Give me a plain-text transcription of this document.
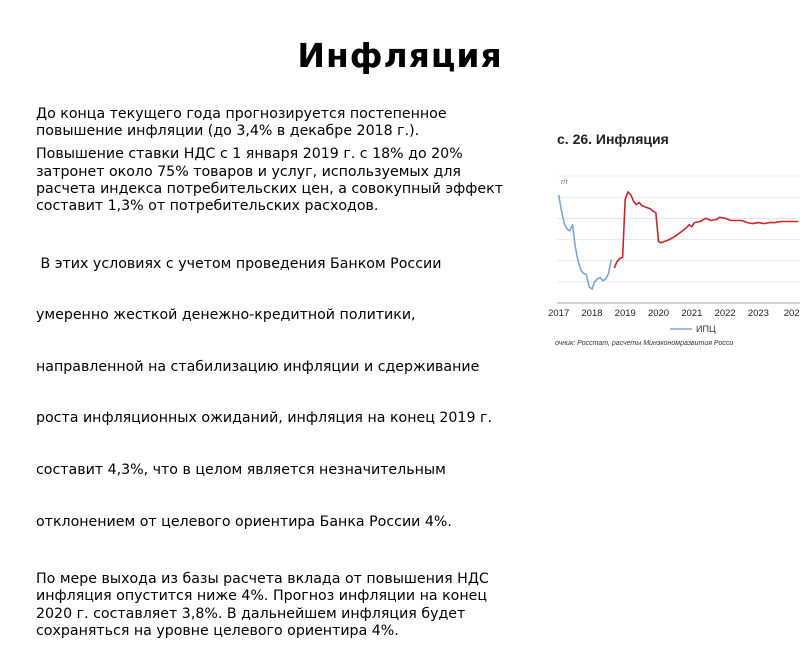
Инфляция

До конца текущего года прогнозируется постепенное
повышение инфляции (до 3,4% в декабре 2018 г.).

Повышение ставки НДС с 1 января 2019 г. с 18% до 20%
затронет около 75% товаров и услуг, используемых для
расчета индекса потребительских цен, а совокупный эффект
составит 1,3% от потребительских расходов.

В этих условиях с учетом проведения Банком России

умеренно жесткой денежно-кредитной политики,

направленной на стабилизацию инфляции и сдерживание

роста инфляционных ожиданий, инфляция на конец 2019 г.

составит 4,3%, что в целом является незначительным

отклонением от целевого ориентира Банка России 4%.

По мере выхода из базы расчета вклада от повышения НДС
инфляция опустится ниже 4%. Прогноз инфляции на конец
2020 г. составляет 3,8%. В дальнейшем инфляция будет
сохраняться на уровне целевого ориентира 4%.

с. 26. Инфляция
2017 2018 2019 2020 2021 2022 2023 202
г/г
ИПЦ
очник: Росстат, расчеты Минэкономразвития Росси
